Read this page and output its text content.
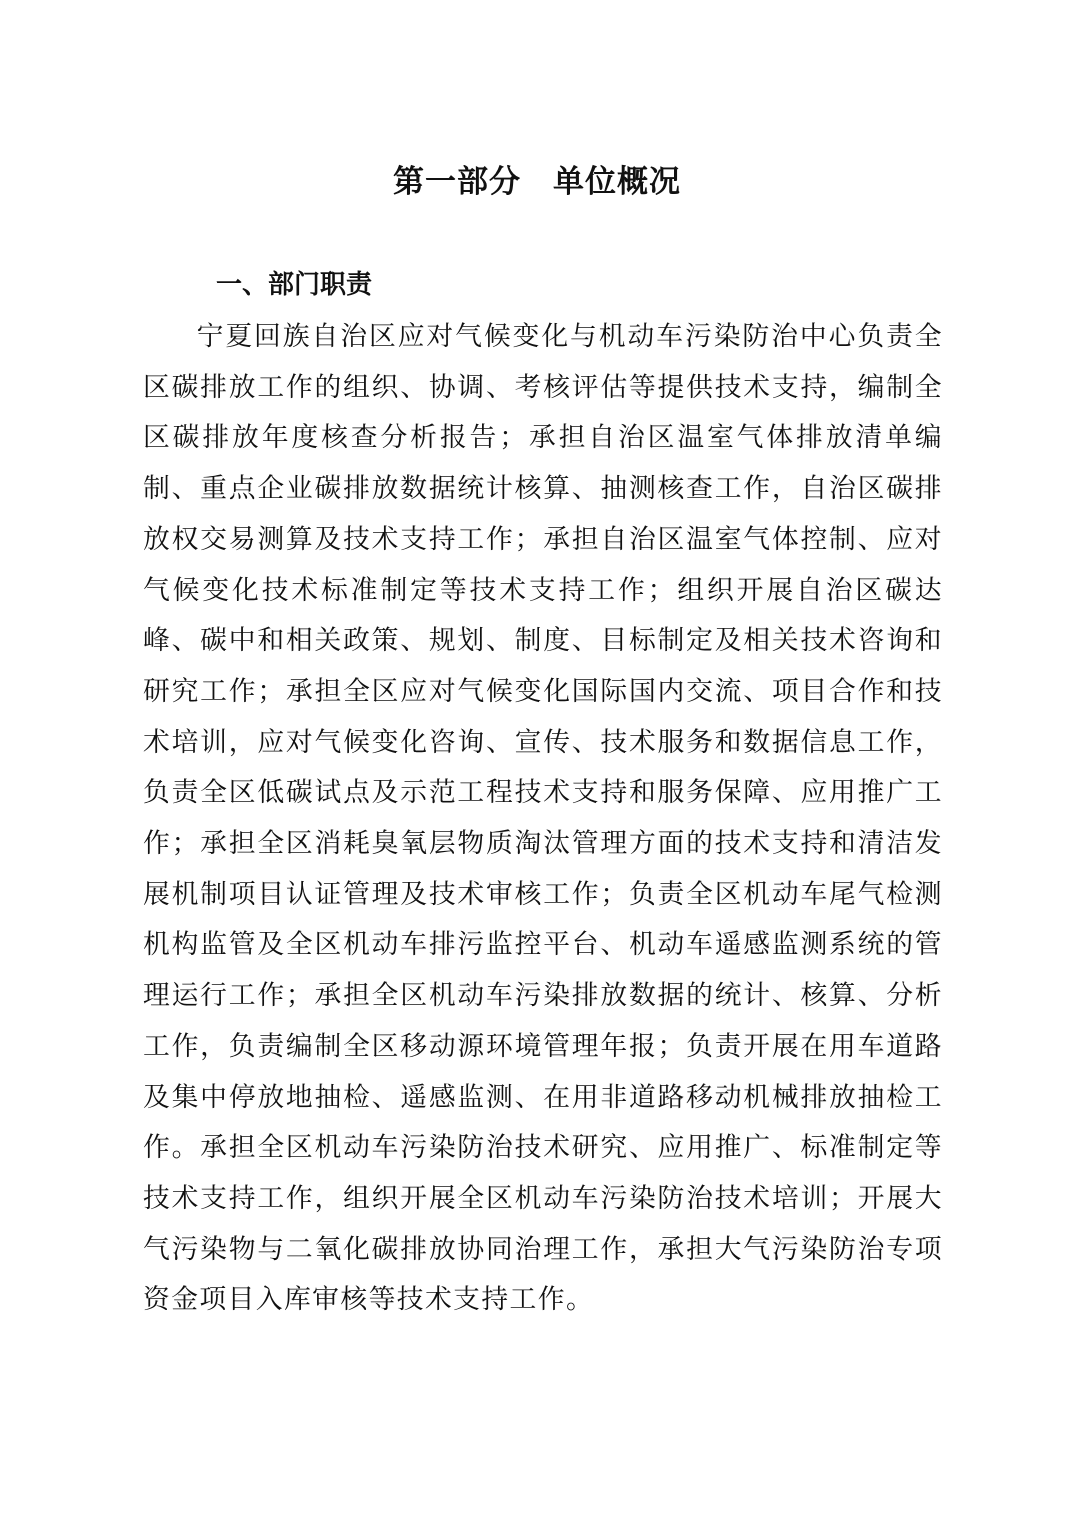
第一部分　单位概况
一、部门职责

宁夏回族自治区应对气候变化与机动车污染防治中心负责全区碳排放工作的组织、协调、考核评估等提供技术支持，编制全区碳排放年度核查分析报告；承担自治区温室气体排放清单编制、重点企业碳排放数据统计核算、抽测核查工作，自治区碳排放权交易测算及技术支持工作；承担自治区温室气体控制、应对气候变化技术标准制定等技术支持工作；组织开展自治区碳达峰、碳中和相关政策、规划、制度、目标制定及相关技术咨询和研究工作；承担全区应对气候变化国际国内交流、项目合作和技术培训，应对气候变化咨询、宣传、技术服务和数据信息工作，负责全区低碳试点及示范工程技术支持和服务保障、应用推广工作；承担全区消耗臭氧层物质淘汰管理方面的技术支持和清洁发展机制项目认证管理及技术审核工作；负责全区机动车尾气检测机构监管及全区机动车排污监控平台、机动车遥感监测系统的管理运行工作；承担全区机动车污染排放数据的统计、核算、分析工作，负责编制全区移动源环境管理年报；负责开展在用车道路及集中停放地抽检、遥感监测、在用非道路移动机械排放抽检工作。承担全区机动车污染防治技术研究、应用推广、标准制定等技术支持工作，组织开展全区机动车污染防治技术培训；开展大气污染物与二氧化碳排放协同治理工作，承担大气污染防治专项资金项目入库审核等技术支持工作。
